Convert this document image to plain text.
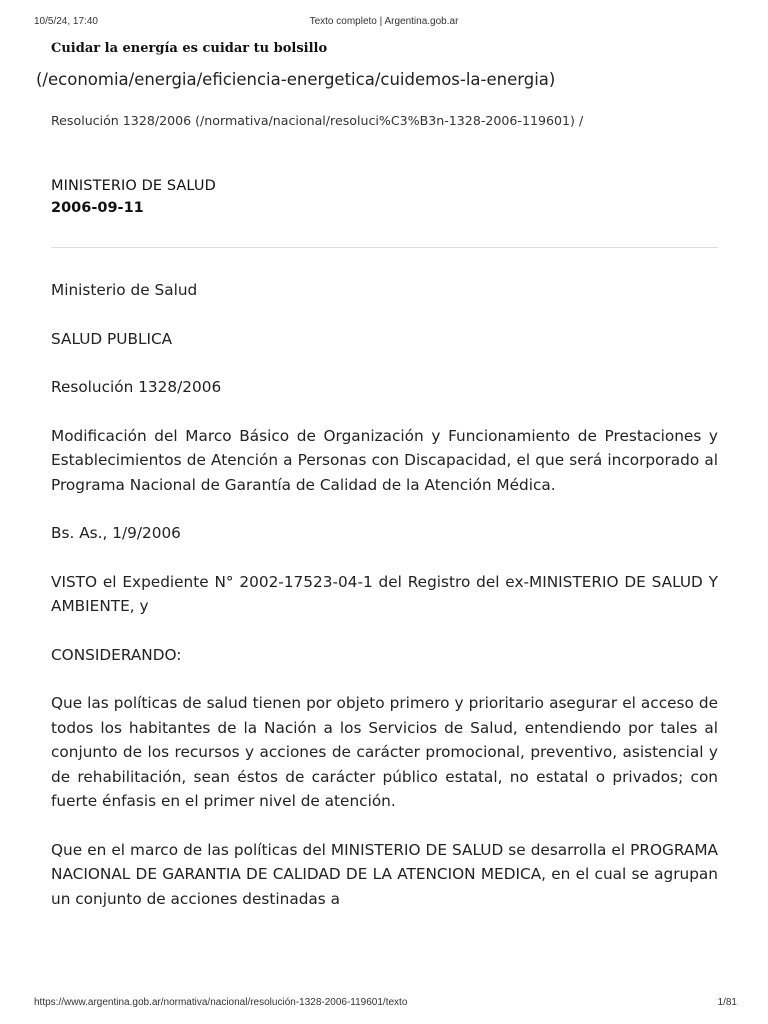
10/5/24, 17:40	Texto completo | Argentina.gob.ar
Cuidar la energía es cuidar tu bolsillo
(/economia/energia/eficiencia-energetica/cuidemos-la-energia)
Resolución 1328/2006 (/normativa/nacional/resoluci%C3%B3n-1328-2006-119601) /
MINISTERIO DE SALUD
2006-09-11

Ministerio de Salud

SALUD PUBLICA

Resolución 1328/2006

Modificación del Marco Básico de Organización y Funcionamiento de Prestaciones y Establecimientos de Atención a Personas con Discapacidad, el que será incorporado al Programa Nacional de Garantía de Calidad de la Atención Médica.

Bs. As., 1/9/2006

VISTO el Expediente N° 2002-17523-04-1 del Registro del ex-MINISTERIO DE SALUD Y AMBIENTE, y

CONSIDERANDO:

Que las políticas de salud tienen por objeto primero y prioritario asegurar el acceso de todos los habitantes de la Nación a los Servicios de Salud, entendiendo por tales al conjunto de los recursos y acciones de carácter promocional, preventivo, asistencial y de rehabilitación, sean éstos de carácter público estatal, no estatal o privados; con fuerte énfasis en el primer nivel de atención.

Que en el marco de las políticas del MINISTERIO DE SALUD se desarrolla el PROGRAMA NACIONAL DE GARANTIA DE CALIDAD DE LA ATENCION MEDICA, en el cual se agrupan un conjunto de acciones destinadas a

https://www.argentina.gob.ar/normativa/nacional/resolución-1328-2006-119601/texto	1/81
